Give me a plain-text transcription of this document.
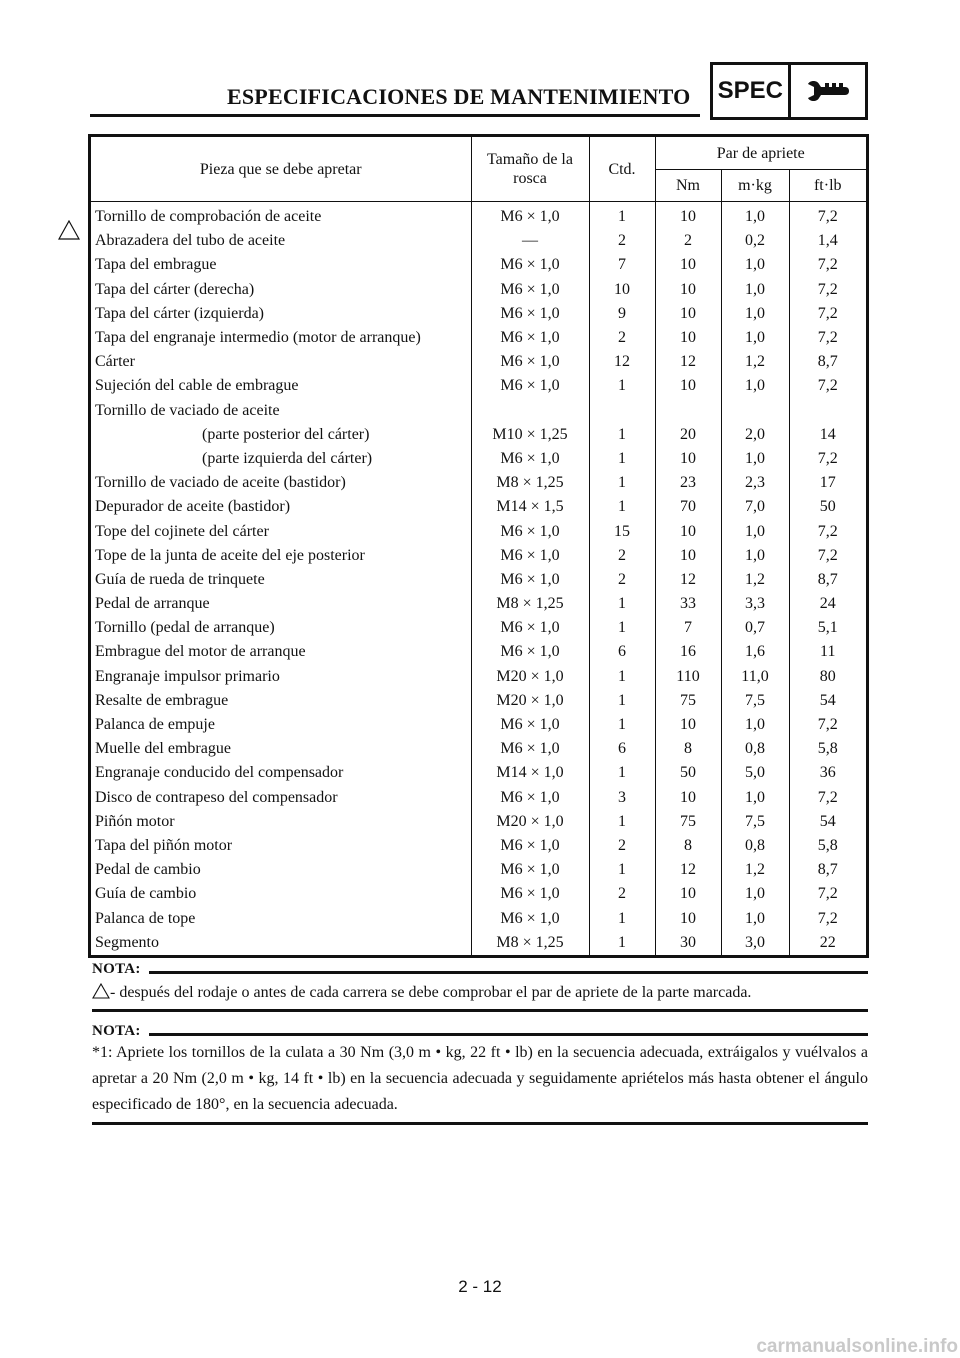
ESPECIFICACIONES DE MANTENIMIENTO SPEC
Pieza que se debe apretar	Tamaño de la rosca	Ctd.	Par de apriete		
			Nm	m·kg	ft·lb
Tornillo de comprobación de aceite	M6 × 1,0	1	10	1,0	7,2
Abrazadera del tubo de aceite	—	2	2	0,2	1,4
Tapa del embrague	M6 × 1,0	7	10	1,0	7,2
Tapa del cárter (derecha)	M6 × 1,0	10	10	1,0	7,2
Tapa del cárter (izquierda)	M6 × 1,0	9	10	1,0	7,2
Tapa del engranaje intermedio (motor de arranque)	M6 × 1,0	2	10	1,0	7,2
Cárter	M6 × 1,0	12	12	1,2	8,7
Sujeción del cable de embrague	M6 × 1,0	1	10	1,0	7,2
Tornillo de vaciado de aceite					
(parte posterior del cárter)	M10 × 1,25	1	20	2,0	14
(parte izquierda del cárter)	M6 × 1,0	1	10	1,0	7,2
Tornillo de vaciado de aceite (bastidor)	M8 × 1,25	1	23	2,3	17
Depurador de aceite (bastidor)	M14 × 1,5	1	70	7,0	50
Tope del cojinete del cárter	M6 × 1,0	15	10	1,0	7,2
Tope de la junta de aceite del eje posterior	M6 × 1,0	2	10	1,0	7,2
Guía de rueda de trinquete	M6 × 1,0	2	12	1,2	8,7
Pedal de arranque	M8 × 1,25	1	33	3,3	24
Tornillo (pedal de arranque)	M6 × 1,0	1	7	0,7	5,1
Embrague del motor de arranque	M6 × 1,0	6	16	1,6	11
Engranaje impulsor primario	M20 × 1,0	1	110	11,0	80
Resalte de embrague	M20 × 1,0	1	75	7,5	54
Palanca de empuje	M6 × 1,0	1	10	1,0	7,2
Muelle del embrague	M6 × 1,0	6	8	0,8	5,8
Engranaje conducido del compensador	M14 × 1,0	1	50	5,0	36
Disco de contrapeso del compensador	M6 × 1,0	3	10	1,0	7,2
Piñón motor	M20 × 1,0	1	75	7,5	54
Tapa del piñón motor	M6 × 1,0	2	8	0,8	5,8
Pedal de cambio	M6 × 1,0	1	12	1,2	8,7
Guía de cambio	M6 × 1,0	2	10	1,0	7,2
Palanca de tope	M6 × 1,0	1	10	1,0	7,2
Segmento	M8 × 1,25	1	30	3,0	22
NOTA:
- después del rodaje o antes de cada carrera se debe comprobar el par de apriete de la parte marcada.
NOTA:
*1: Apriete los tornillos de la culata a 30 Nm (3,0 m • kg, 22 ft • lb) en la secuencia adecuada, extráigalos y vuélvalos a apretar a 20 Nm (2,0 m • kg, 14 ft • lb) en la secuencia adecuada y seguidamente apriételos más hasta obtener el ángulo especificado de 180°, en la secuencia adecuada.
2 - 12
carmanualsonline.info
